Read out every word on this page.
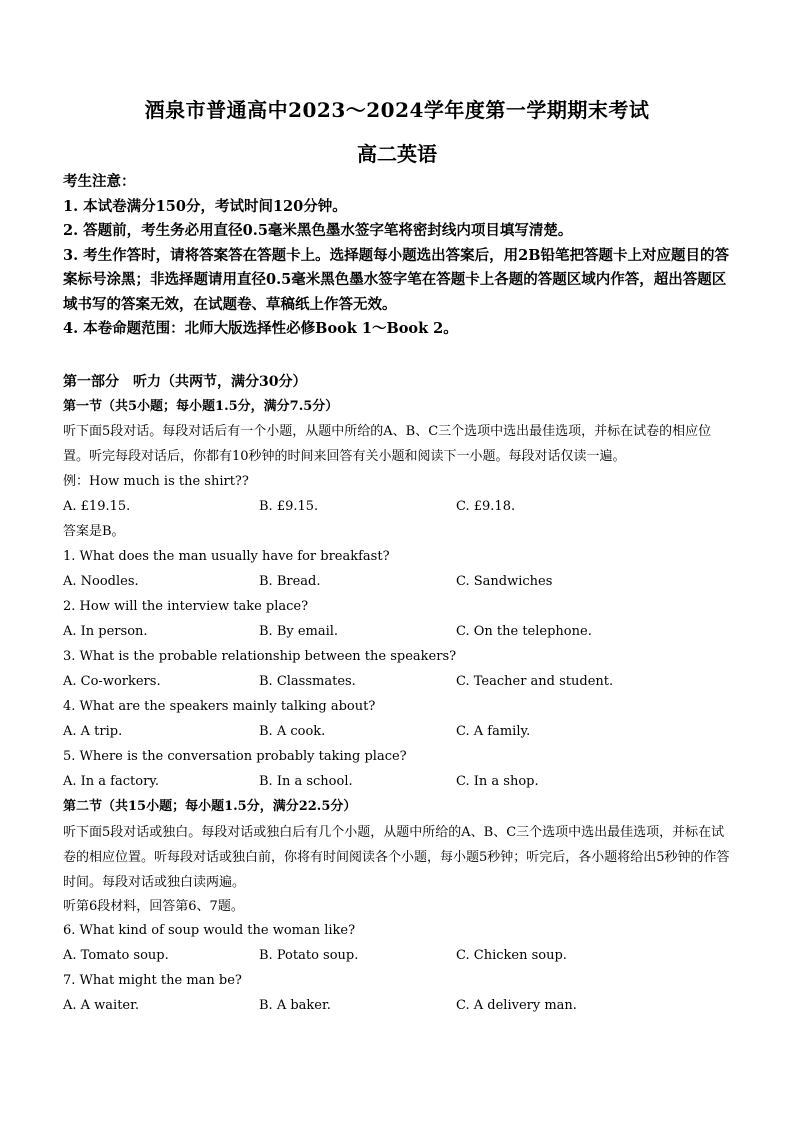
酒泉市普通高中2023～2024学年度第一学期期末考试
高二英语
考生注意：
1. 本试卷满分150分，考试时间120分钟。
2. 答题前，考生务必用直径0.5毫米黑色墨水签字笔将密封线内项目填写清楚。
3. 考生作答时，请将答案答在答题卡上。选择题每小题选出答案后，用2B铅笔把答题卡上对应题目的答案标号涂黑；非选择题请用直径0.5毫米黑色墨水签字笔在答题卡上各题的答题区域内作答，超出答题区域书写的答案无效，在试题卷、草稿纸上作答无效。
4. 本卷命题范围：北师大版选择性必修Book 1～Book 2。
第一部分　听力（共两节，满分30分）
第一节（共5小题；每小题1.5分，满分7.5分）
听下面5段对话。每段对话后有一个小题，从题中所给的A、B、C三个选项中选出最佳选项，并标在试卷的相应位置。听完每段对话后，你都有10秒钟的时间来回答有关小题和阅读下一小题。每段对话仅读一遍。
例：How much is the shirt??
A. £19.15.	B. £9.15.	C. £9.18.
答案是B。
1. What does the man usually have for breakfast?
A. Noodles.	B. Bread.	C. Sandwiches
2. How will the interview take place?
A. In person.	B. By email.	C. On the telephone.
3. What is the probable relationship between the speakers?
A. Co-workers.	B. Classmates.	C. Teacher and student.
4. What are the speakers mainly talking about?
A. A trip.	B. A cook.	C. A family.
5. Where is the conversation probably taking place?
A. In a factory.	B. In a school.	C. In a shop.
第二节（共15小题；每小题1.5分，满分22.5分）
听下面5段对话或独白。每段对话或独白后有几个小题，从题中所给的A、B、C三个选项中选出最佳选项，并标在试卷的相应位置。听每段对话或独白前，你将有时间阅读各个小题，每小题5秒钟；听完后，各小题将给出5秒钟的作答时间。每段对话或独白读两遍。
听第6段材料，回答第6、7题。
6. What kind of soup would the woman like?
A. Tomato soup.	B. Potato soup.	C. Chicken soup.
7. What might the man be?
A. A waiter.	B. A baker.	C. A delivery man.
